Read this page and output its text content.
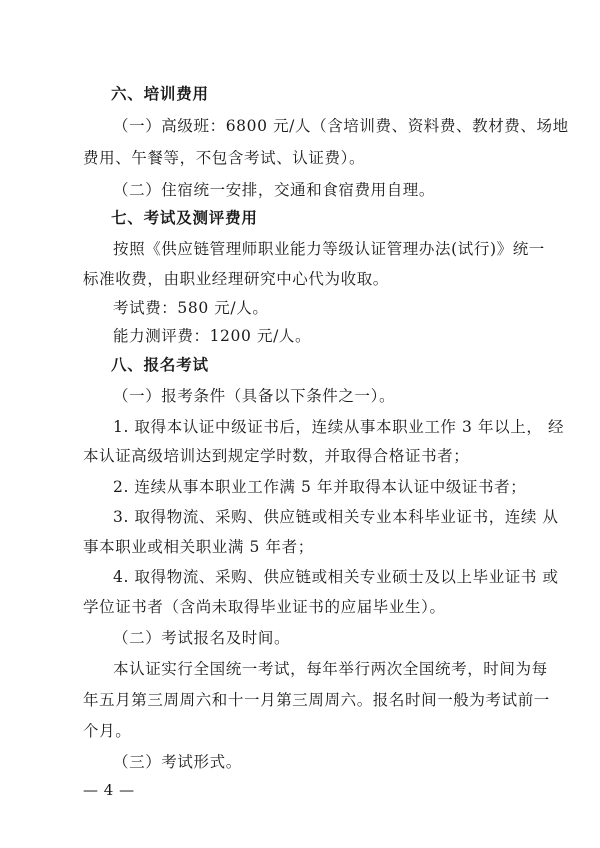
六、培训费用
（一）高级班：6800 元/人（含培训费、资料费、教材费、场地
费用、午餐等，不包含考试、认证费）。
（二）住宿统一安排，交通和食宿费用自理。
七、考试及测评费用
按照《供应链管理师职业能力等级认证管理办法(试行)》统一
标准收费，由职业经理研究中心代为收取。
考试费：580 元/人。
能力测评费：1200 元/人。
八、报名考试
（一）报考条件（具备以下条件之一）。
1. 取得本认证中级证书后，连续从事本职业工作 3 年以上， 经
本认证高级培训达到规定学时数，并取得合格证书者；
2. 连续从事本职业工作满 5 年并取得本认证中级证书者；
3. 取得物流、采购、供应链或相关专业本科毕业证书，连续 从
事本职业或相关职业满 5 年者；
4. 取得物流、采购、供应链或相关专业硕士及以上毕业证书 或
学位证书者（含尚未取得毕业证书的应届毕业生）。
（二）考试报名及时间。
本认证实行全国统一考试，每年举行两次全国统考，时间为每
年五月第三周周六和十一月第三周周六。报名时间一般为考试前一
个月。
（三）考试形式。
— 4 —
